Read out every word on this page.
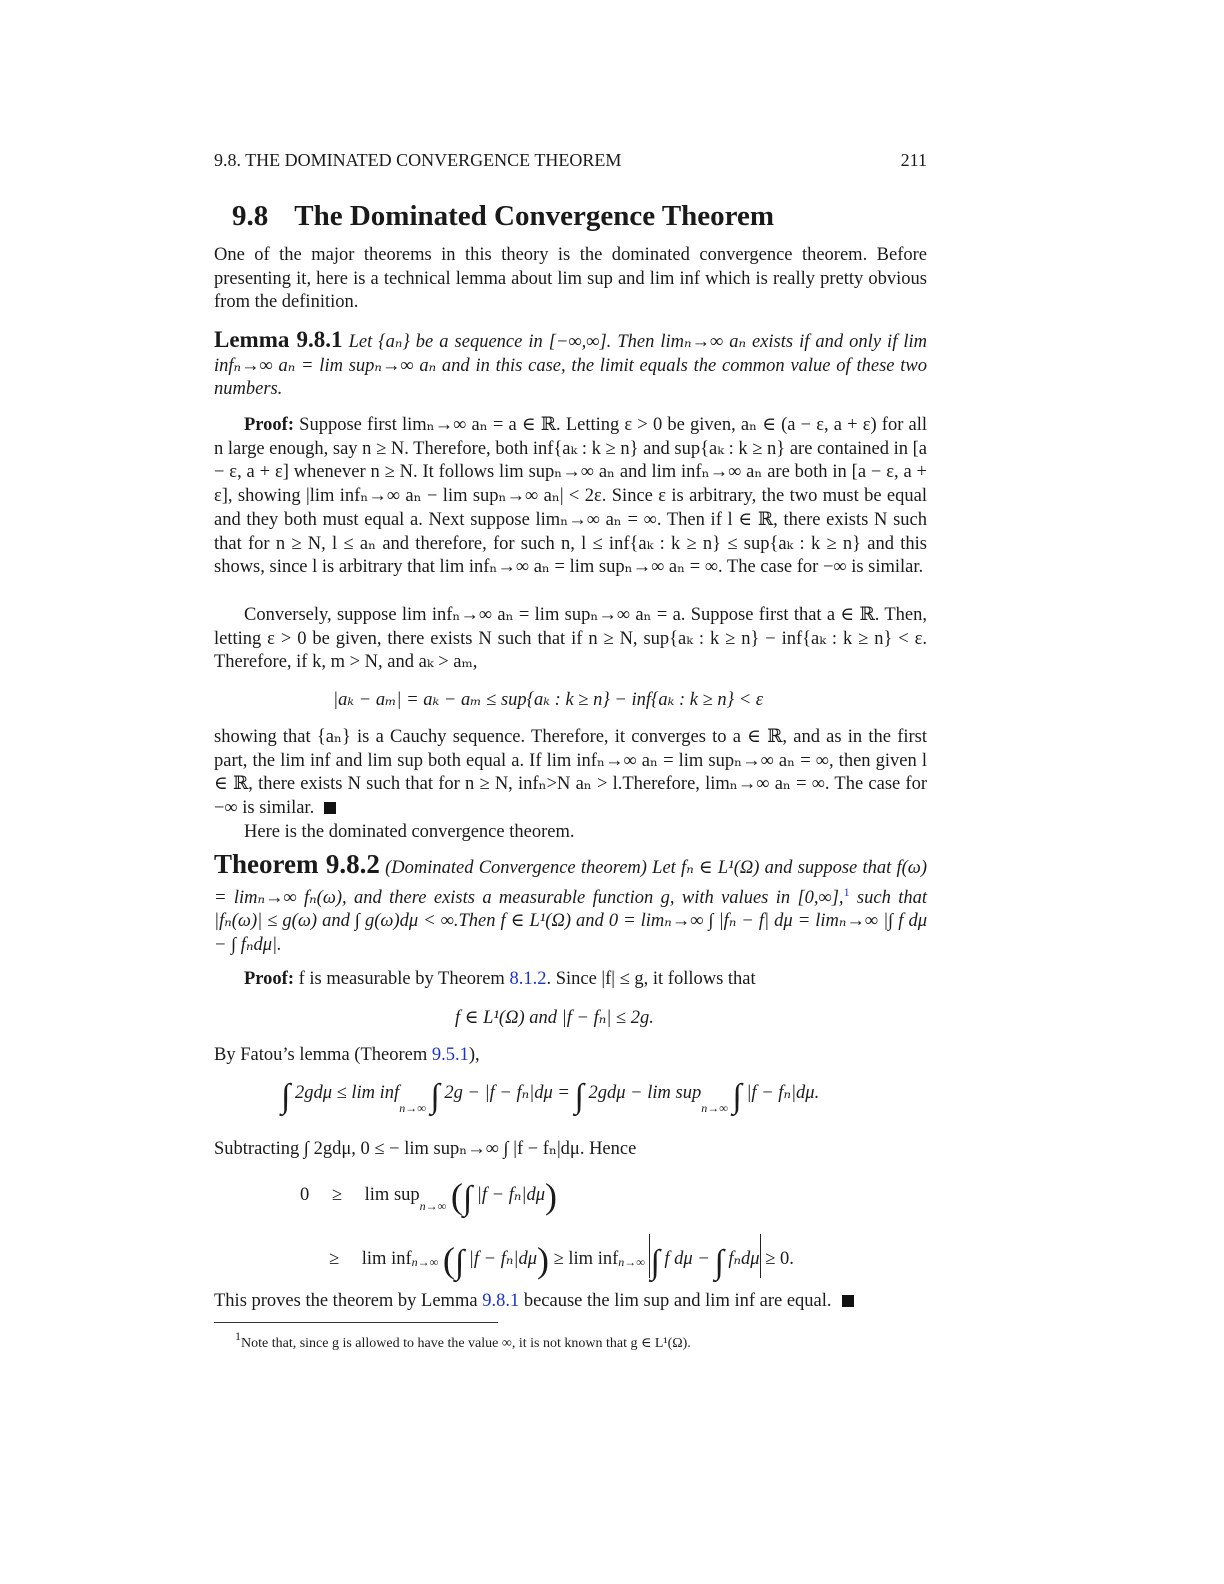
9.8. THE DOMINATED CONVERGENCE THEOREM	211
9.8 The Dominated Convergence Theorem

One of the major theorems in this theory is the dominated convergence theorem. Before presenting it, here is a technical lemma about lim sup and lim inf which is really pretty obvious from the definition.

Lemma 9.8.1 Let {aₙ} be a sequence in [−∞,∞]. Then limₙ→∞ aₙ exists if and only if lim infₙ→∞ aₙ = lim supₙ→∞ aₙ and in this case, the limit equals the common value of these two numbers.

Proof: Suppose first limₙ→∞ aₙ = a ∈ ℝ. Letting ε > 0 be given, aₙ ∈ (a − ε, a + ε) for all n large enough, say n ≥ N. Therefore, both inf{aₖ : k ≥ n} and sup{aₖ : k ≥ n} are contained in [a − ε, a + ε] whenever n ≥ N. It follows lim supₙ→∞ aₙ and lim infₙ→∞ aₙ are both in [a − ε, a + ε], showing |lim infₙ→∞ aₙ − lim supₙ→∞ aₙ| < 2ε. Since ε is arbitrary, the two must be equal and they both must equal a. Next suppose limₙ→∞ aₙ = ∞. Then if l ∈ ℝ, there exists N such that for n ≥ N, l ≤ aₙ and therefore, for such n, l ≤ inf{aₖ : k ≥ n} ≤ sup{aₖ : k ≥ n} and this shows, since l is arbitrary that lim infₙ→∞ aₙ = lim supₙ→∞ aₙ = ∞. The case for −∞ is similar.

Conversely, suppose lim infₙ→∞ aₙ = lim supₙ→∞ aₙ = a. Suppose first that a ∈ ℝ. Then, letting ε > 0 be given, there exists N such that if n ≥ N, sup{aₖ : k ≥ n} − inf{aₖ : k ≥ n} < ε. Therefore, if k, m > N, and aₖ > aₘ,

|aₖ − aₘ| = aₖ − aₘ ≤ sup{aₖ : k ≥ n} − inf{aₖ : k ≥ n} < ε

showing that {aₙ} is a Cauchy sequence. Therefore, it converges to a ∈ ℝ, and as in the first part, the lim inf and lim sup both equal a. If lim infₙ→∞ aₙ = lim supₙ→∞ aₙ = ∞, then given l ∈ ℝ, there exists N such that for n ≥ N, infₙ>N aₙ > l.Therefore, limₙ→∞ aₙ = ∞. The case for −∞ is similar.

Here is the dominated convergence theorem.

Theorem 9.8.2 (Dominated Convergence theorem) Let fₙ ∈ L¹(Ω) and suppose that f(ω) = limₙ→∞ fₙ(ω), and there exists a measurable function g, with values in [0,∞],$^1$ such that |fₙ(ω)| ≤ g(ω) and ∫ g(ω)dμ < ∞.Then f ∈ L¹(Ω) and 0 = limₙ→∞ ∫ |fₙ − f| dμ = limₙ→∞ |∫ f dμ − ∫ fₙdμ|.

Proof: f is measurable by Theorem 8.1.2. Since |f| ≤ g, it follows that

f ∈ L¹(Ω) and |f − fₙ| ≤ 2g.

By Fatou’s lemma (Theorem 9.5.1),

∫ 2gdμ ≤ lim inf
n→∞ ∫ 2g − |f − fₙ|dμ = ∫ 2gdμ − lim sup
n→∞ ∫ |f − fₙ|dμ.

Subtracting ∫ 2gdμ, 0 ≤ − lim supₙ→∞ ∫ |f − fₙ|dμ. Hence

0 ≥ lim sup
n→∞ (∫ |f − fₙ|dμ)
≥ lim inf n→∞ (∫ |f − fₙ|dμ) ≥ lim inf n→∞ ∫ f dμ − ∫ fₙdμ ≥ 0.

This proves the theorem by Lemma 9.8.1 because the lim sup and lim inf are equal.

1Note that, since g is allowed to have the value ∞, it is not known that g ∈ L¹(Ω).
